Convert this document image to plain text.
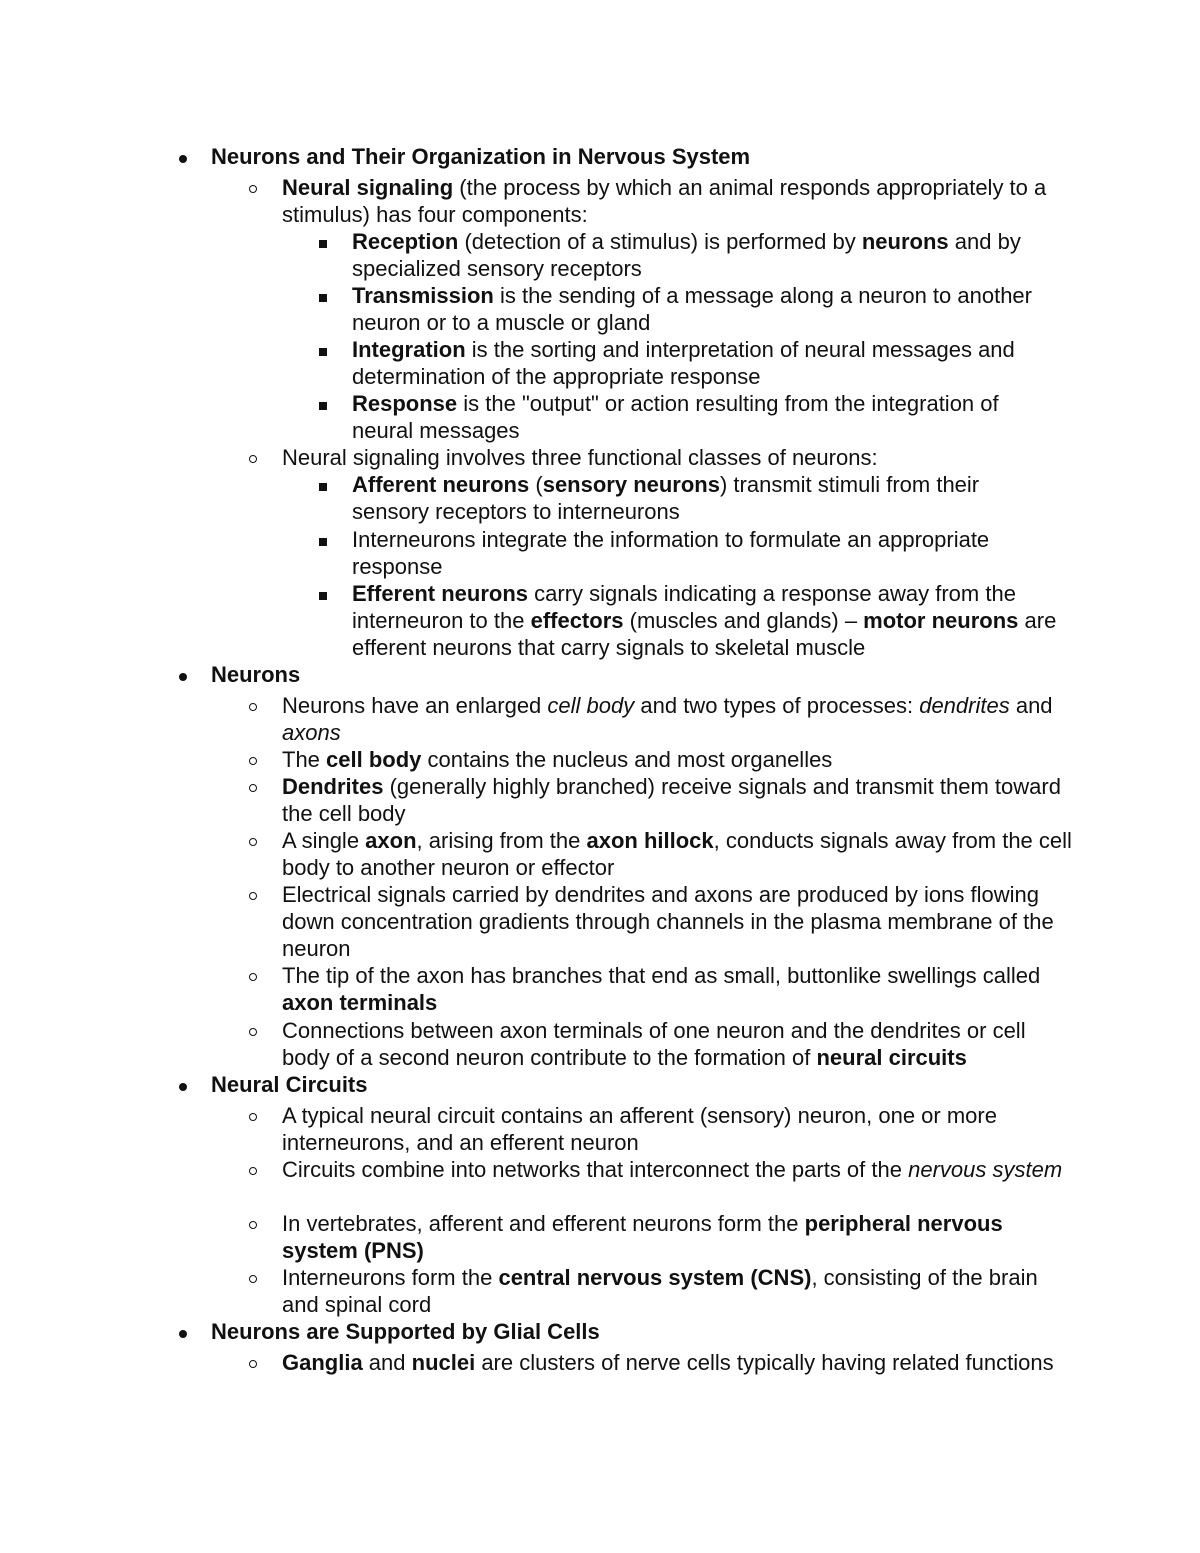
Neurons and Their Organization in Nervous System
Neural signaling (the process by which an animal responds appropriately to a stimulus) has four components:
Reception (detection of a stimulus) is performed by neurons and by specialized sensory receptors
Transmission is the sending of a message along a neuron to another neuron or to a muscle or gland
Integration is the sorting and interpretation of neural messages and determination of the appropriate response
Response is the "output" or action resulting from the integration of neural messages
Neural signaling involves three functional classes of neurons:
Afferent neurons (sensory neurons) transmit stimuli from their sensory receptors to interneurons
Interneurons integrate the information to formulate an appropriate response
Efferent neurons carry signals indicating a response away from the interneuron to the effectors (muscles and glands) – motor neurons are efferent neurons that carry signals to skeletal muscle
Neurons
Neurons have an enlarged cell body and two types of processes: dendrites and axons
The cell body contains the nucleus and most organelles
Dendrites (generally highly branched) receive signals and transmit them toward the cell body
A single axon, arising from the axon hillock, conducts signals away from the cell body to another neuron or effector
Electrical signals carried by dendrites and axons are produced by ions flowing down concentration gradients through channels in the plasma membrane of the neuron
The tip of the axon has branches that end as small, buttonlike swellings called axon terminals
Connections between axon terminals of one neuron and the dendrites or cell body of a second neuron contribute to the formation of neural circuits
Neural Circuits
A typical neural circuit contains an afferent (sensory) neuron, one or more interneurons, and an efferent neuron
Circuits combine into networks that interconnect the parts of the nervous system
In vertebrates, afferent and efferent neurons form the peripheral nervous system (PNS)
Interneurons form the central nervous system (CNS), consisting of the brain and spinal cord
Neurons are Supported by Glial Cells
Ganglia and nuclei are clusters of nerve cells typically having related functions
